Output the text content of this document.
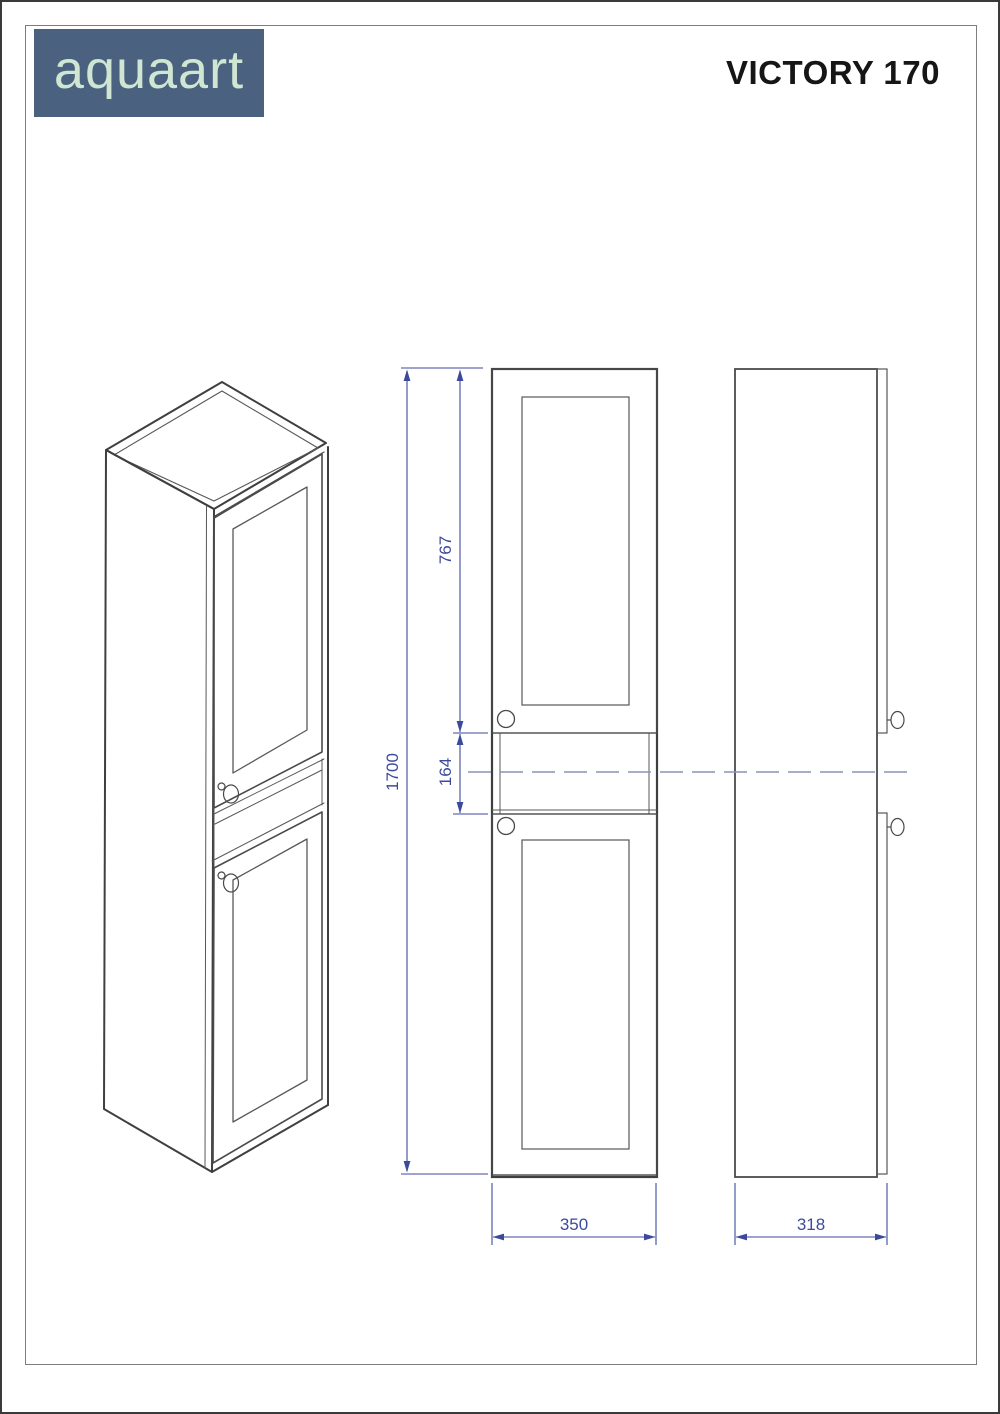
aquaart	VICTORY 170
1700
767
164
350	318
